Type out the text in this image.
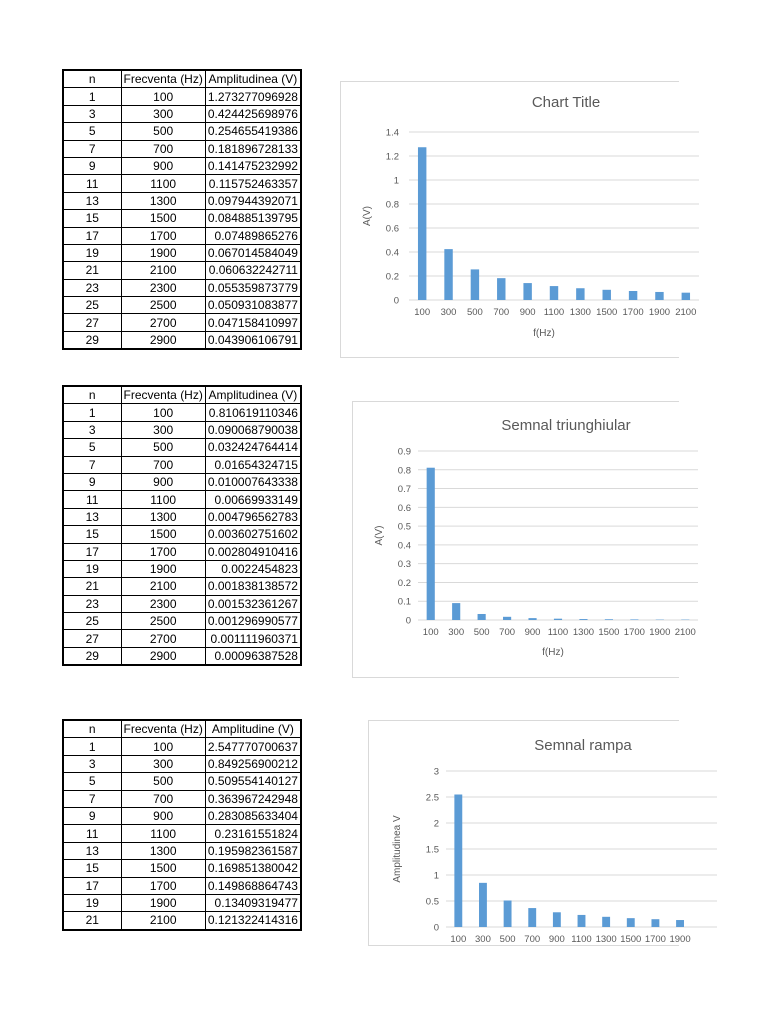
n	Frecventa (Hz)	Amplitudinea (V)
1	100	1.273277096928
3	300	0.424425698976
5	500	0.254655419386
7	700	0.181896728133
9	900	0.141475232992
11	1100	0.115752463357
13	1300	0.097944392071
15	1500	0.084885139795
17	1700	0.07489865276
19	1900	0.067014584049
21	2100	0.060632242711
23	2300	0.055359873779
25	2500	0.050931083877
27	2700	0.047158410997
29	2900	0.043906106791
n	Frecventa (Hz)	Amplitudinea (V)
1	100	0.810619110346
3	300	0.090068790038
5	500	0.032424764414
7	700	0.01654324715
9	900	0.010007643338
11	1100	0.00669933149
13	1300	0.004796562783
15	1500	0.003602751602
17	1700	0.002804910416
19	1900	0.0022454823
21	2100	0.001838138572
23	2300	0.001532361267
25	2500	0.001296990577
27	2700	0.001111960371
29	2900	0.00096387528
n	Frecventa (Hz)	Amplitudine (V)
1	100	2.547770700637
3	300	0.849256900212
5	500	0.509554140127
7	700	0.363967242948
9	900	0.283085633404
11	1100	0.23161551824
13	1300	0.195982361587
15	1500	0.169851380042
17	1700	0.149868864743
19	1900	0.13409319477
21	2100	0.121322414316
Chart Title
0
0.2
0.4
0.6
0.8
1
1.2
1.4
100 300 500 700 900 1100 1300 1500 1700 1900 2100
f(Hz)
A(V)
Semnal triunghiular
0
0.1
0.2
0.3
0.4
0.5
0.6
0.7
0.8
0.9
100 300 500 700 900 1100 1300 1500 1700 1900 2100
f(Hz)
A(V)
Semnal rampa
0
0.5
1
1.5
2
2.5
3
100 300 500 700 900 1100 1300 1500 1700 1900
Amplitudinea V
